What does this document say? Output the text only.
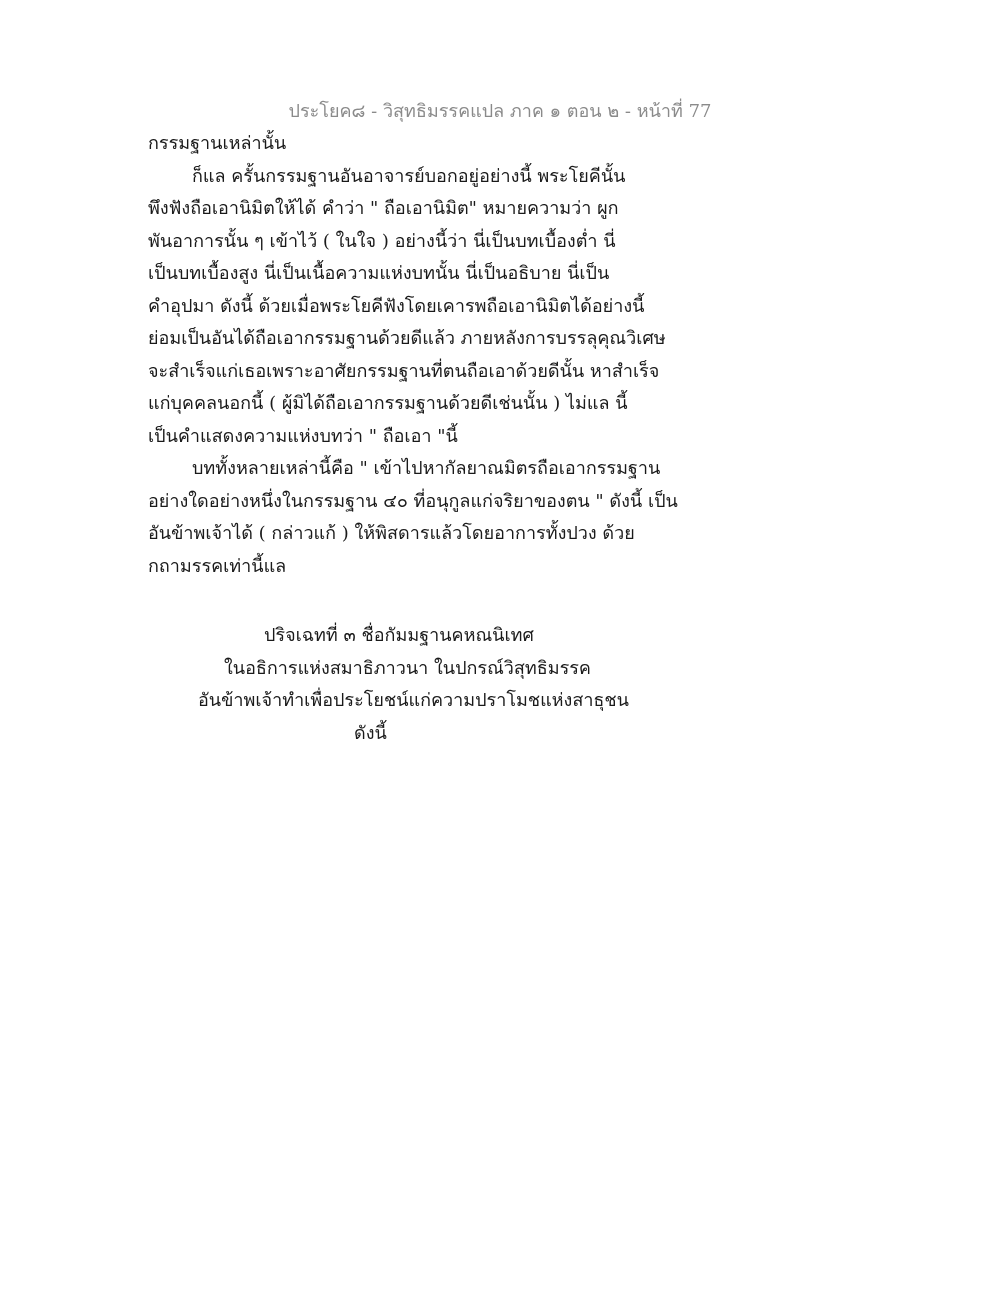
ประโยค๘ - วิสุทธิมรรคแปล ภาค ๑ ตอน ๒ - หน้าที่ 77
กรรมฐานเหล่านั้น
ก็แล ครั้นกรรมฐานอันอาจารย์บอกอยู่อย่างนี้ พระโยคีนั้น
พึงฟังถือเอานิมิตให้ได้ คำว่า " ถือเอานิมิต" หมายความว่า ผูก
พันอาการนั้น ๆ เข้าไว้ ( ในใจ ) อย่างนี้ว่า นี่เป็นบทเบื้องต่ำ นี่
เป็นบทเบื้องสูง นี่เป็นเนื้อความแห่งบทนั้น นี่เป็นอธิบาย นี่เป็น
คำอุปมา ดังนี้ ด้วยเมื่อพระโยคีฟังโดยเคารพถือเอานิมิตได้อย่างนี้
ย่อมเป็นอันได้ถือเอากรรมฐานด้วยดีแล้ว ภายหลังการบรรลุคุณวิเศษ
จะสำเร็จแก่เธอเพราะอาศัยกรรมฐานที่ตนถือเอาด้วยดีนั้น หาสำเร็จ
แก่บุคคลนอกนี้ ( ผู้มิได้ถือเอากรรมฐานด้วยดีเช่นนั้น ) ไม่แล นี้
เป็นคำแสดงความแห่งบทว่า " ถือเอา "นี้
บททั้งหลายเหล่านี้คือ " เข้าไปหากัลยาณมิตรถือเอากรรมฐาน
อย่างใดอย่างหนึ่งในกรรมฐาน ๔๐ ที่อนุกูลแก่จริยาของตน " ดังนี้ เป็น
อันข้าพเจ้าได้ ( กล่าวแก้ ) ให้พิสดารแล้วโดยอาการทั้งปวง ด้วย
กถามรรคเท่านี้แล
ปริจเฉทที่ ๓ ชื่อกัมมฐานคหณนิเทศ
ในอธิการแห่งสมาธิภาวนา ในปกรณ์วิสุทธิมรรค
อันข้าพเจ้าทำเพื่อประโยชน์แก่ความปราโมชแห่งสาธุชน
ดังนี้
